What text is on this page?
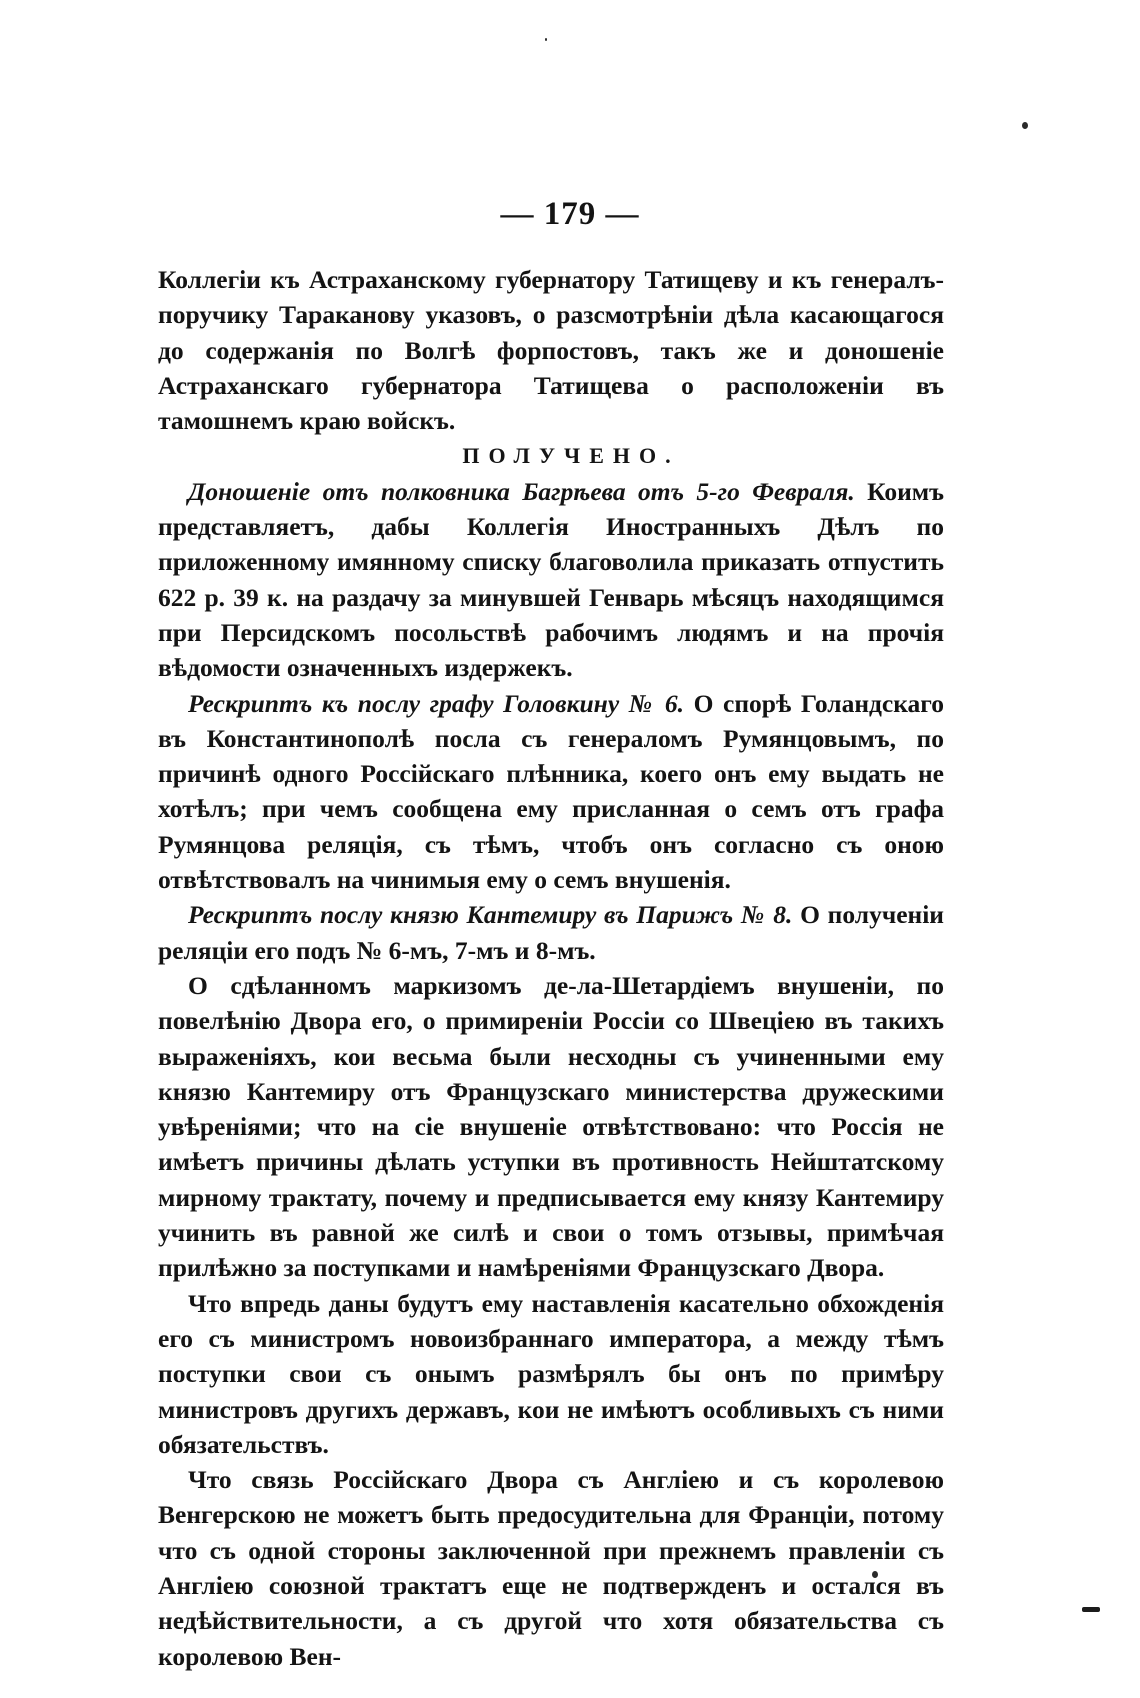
— 179 —

Коллегіи къ Астраханскому губернатору Татищеву и къ генералъ-поручику Тараканову указовъ, о разсмотрѣніи дѣла касающагося до содержанія по Волгѣ форпостовъ, такъ же и доношеніе Астраханскаго губернатора Татищева о расположеніи въ тамошнемъ краю войскъ.

ПОЛУЧЕНО.

Доношеніе отъ полковника Багрѣева отъ 5-го Февраля. Коимъ представляетъ, дабы Коллегія Иностранныхъ Дѣлъ по приложенному имянному списку благоволила приказать отпустить 622 р. 39 к. на раздачу за минувшей Генварь мѣсяцъ находящимся при Персидскомъ посольствѣ рабочимъ людямъ и на прочія вѣдомости означенныхъ издержекъ.

Рескриптъ къ послу графу Головкину № 6. О спорѣ Голандскаго въ Константинополѣ посла съ генераломъ Румянцовымъ, по причинѣ одного Россійскаго плѣнника, коего онъ ему выдать не хотѣлъ; при чемъ сообщена ему присланная о семъ отъ графа Румянцова реляція, съ тѣмъ, чтобъ онъ согласно съ оною отвѣтствовалъ на чинимыя ему о семъ внушенія.

Рескриптъ послу князю Кантемиру въ Парижъ № 8. О полученіи реляціи его подъ № 6-мъ, 7-мъ и 8-мъ.

О сдѣланномъ маркизомъ де-ла-Шетардіемъ внушеніи, по повелѣнію Двора его, о примиреніи Россіи со Швеціею въ такихъ выраженіяхъ, кои весьма были несходны съ учиненными ему князю Кантемиру отъ Французскаго министерства дружескими увѣреніями; что на сіе внушеніе отвѣтствовано: что Россія не имѣетъ причины дѣлать уступки въ противность Нейштатскому мирному трактату, почему и предписывается ему князу Кантемиру учинить въ равной же силѣ и свои о томъ отзывы, примѣчая прилѣжно за поступками и намѣреніями Французскаго Двора.

Что впредь даны будутъ ему наставленія касательно обхожденія его съ министромъ новоизбраннаго императора, а между тѣмъ поступки свои съ онымъ размѣрялъ бы онъ по примѣру министровъ другихъ державъ, кои не имѣютъ особливыхъ съ ними обязательствъ.

Что связь Россійскаго Двора съ Англіею и съ королевою Венгерскою не можетъ быть предосудительна для Франціи, потому что съ одной стороны заключенной при прежнемъ правленіи съ Англіею союзной трактатъ еще не подтвержденъ и остался въ недѣйствительности, а съ другой что хотя обязательства съ королевою Вен-
